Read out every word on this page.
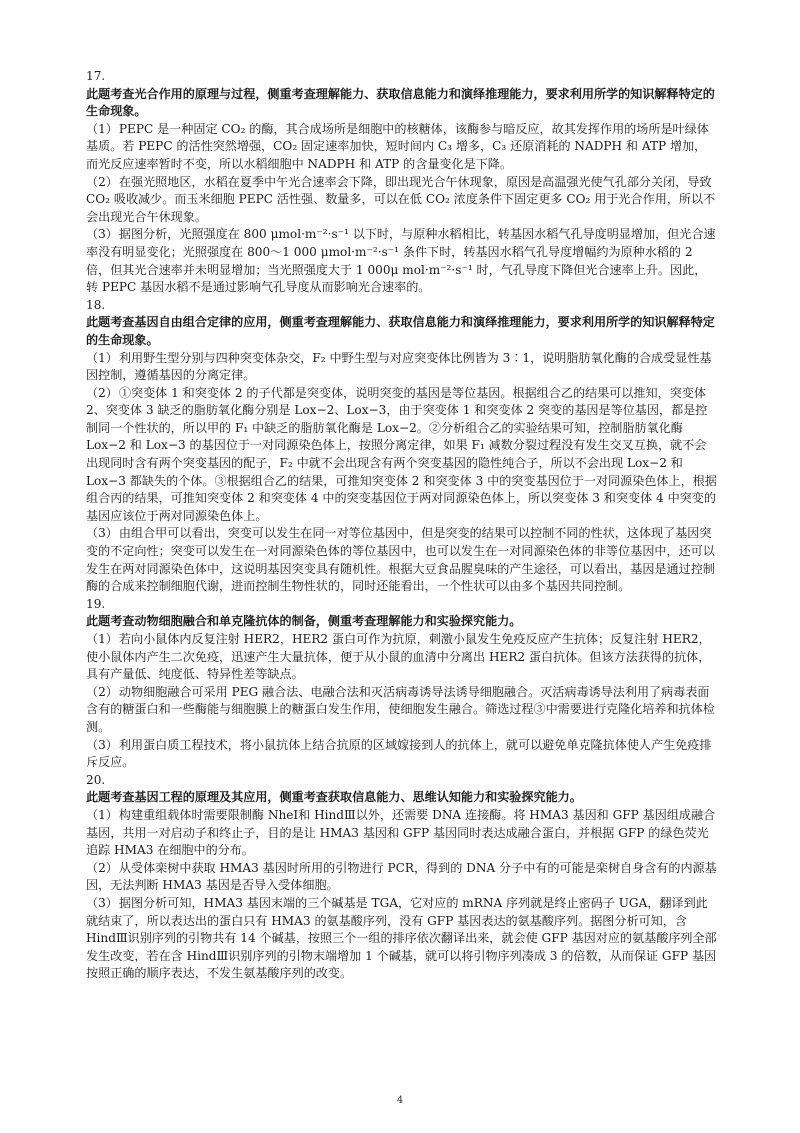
17.

此题考查光合作用的原理与过程，侧重考查理解能力、获取信息能力和演绎推理能力，要求利用所学的知识解释特定的生命现象。

（1）PEPC 是一种固定 CO₂ 的酶，其合成场所是细胞中的核糖体，该酶参与暗反应，故其发挥作用的场所是叶绿体基质。若 PEPC 的活性突然增强，CO₂ 固定速率加快，短时间内 C₃ 增多，C₃ 还原消耗的 NADPH 和 ATP 增加，而光反应速率暂时不变，所以水稻细胞中 NADPH 和 ATP 的含量变化是下降。

（2）在强光照地区，水稻在夏季中午光合速率会下降，即出现光合午休现象，原因是高温强光使气孔部分关闭，导致 CO₂ 吸收减少。而玉米细胞 PEPC 活性强、数量多，可以在低 CO₂ 浓度条件下固定更多 CO₂ 用于光合作用，所以不会出现光合午休现象。

（3）据图分析，光照强度在 800 μmol·m⁻²·s⁻¹ 以下时，与原种水稻相比，转基因水稻气孔导度明显增加，但光合速率没有明显变化；光照强度在 800～1 000 μmol·m⁻²·s⁻¹ 条件下时，转基因水稻气孔导度增幅约为原种水稻的 2 倍，但其光合速率并未明显增加；当光照强度大于 1 000μ mol·m⁻²·s⁻¹ 时，气孔导度下降但光合速率上升。因此，转 PEPC 基因水稻不是通过影响气孔导度从而影响光合速率的。

18.

此题考查基因自由组合定律的应用，侧重考查理解能力、获取信息能力和演绎推理能力，要求利用所学的知识解释特定的生命现象。

（1）利用野生型分别与四种突变体杂交，F₂ 中野生型与对应突变体比例皆为 3∶1，说明脂肪氧化酶的合成受显性基因控制，遵循基因的分离定律。

（2）①突变体 1 和突变体 2 的子代都是突变体，说明突变的基因是等位基因。根据组合乙的结果可以推知，突变体 2、突变体 3 缺乏的脂肪氧化酶分别是 Lox−2、Lox−3，由于突变体 1 和突变体 2 突变的基因是等位基因，都是控制同一个性状的，所以甲的 F₁ 中缺乏的脂肪氧化酶是 Lox−2。②分析组合乙的实验结果可知，控制脂肪氧化酶 Lox−2 和 Lox−3 的基因位于一对同源染色体上，按照分离定律，如果 F₁ 减数分裂过程没有发生交叉互换，就不会出现同时含有两个突变基因的配子，F₂ 中就不会出现含有两个突变基因的隐性纯合子，所以不会出现 Lox−2 和 Lox−3 都缺失的个体。③根据组合乙的结果，可推知突变体 2 和突变体 3 中的突变基因位于一对同源染色体上，根据组合丙的结果，可推知突变体 2 和突变体 4 中的突变基因位于两对同源染色体上，所以突变体 3 和突变体 4 中突变的基因应该位于两对同源染色体上。

（3）由组合甲可以看出，突变可以发生在同一对等位基因中，但是突变的结果可以控制不同的性状，这体现了基因突变的不定向性；突变可以发生在一对同源染色体的等位基因中，也可以发生在一对同源染色体的非等位基因中，还可以发生在两对同源染色体中，这说明基因突变具有随机性。根据大豆食品腥臭味的产生途径，可以看出，基因是通过控制酶的合成来控制细胞代谢，进而控制生物性状的，同时还能看出，一个性状可以由多个基因共同控制。

19.

此题考查动物细胞融合和单克隆抗体的制备，侧重考查理解能力和实验探究能力。

（1）若向小鼠体内反复注射 HER2，HER2 蛋白可作为抗原，刺激小鼠发生免疫反应产生抗体；反复注射 HER2，使小鼠体内产生二次免疫，迅速产生大量抗体，便于从小鼠的血清中分离出 HER2 蛋白抗体。但该方法获得的抗体，具有产量低、纯度低、特异性差等缺点。

（2）动物细胞融合可采用 PEG 融合法、电融合法和灭活病毒诱导法诱导细胞融合。灭活病毒诱导法利用了病毒表面含有的糖蛋白和一些酶能与细胞膜上的糖蛋白发生作用，使细胞发生融合。筛选过程③中需要进行克隆化培养和抗体检测。

（3）利用蛋白质工程技术，将小鼠抗体上结合抗原的区域嫁接到人的抗体上，就可以避免单克隆抗体使人产生免疫排斥反应。

20.

此题考查基因工程的原理及其应用，侧重考查获取信息能力、思维认知能力和实验探究能力。

（1）构建重组载体时需要限制酶 NheⅠ和 HindⅢ以外，还需要 DNA 连接酶。将 HMA3 基因和 GFP 基因组成融合基因，共用一对启动子和终止子，目的是让 HMA3 基因和 GFP 基因同时表达成融合蛋白，并根据 GFP 的绿色荧光追踪 HMA3 在细胞中的分布。

（2）从受体栾树中获取 HMA3 基因时所用的引物进行 PCR，得到的 DNA 分子中有的可能是栾树自身含有的内源基因，无法判断 HMA3 基因是否导入受体细胞。

（3）据图分析可知，HMA3 基因末端的三个碱基是 TGA，它对应的 mRNA 序列就是终止密码子 UGA，翻译到此就结束了，所以表达出的蛋白只有 HMA3 的氨基酸序列，没有 GFP 基因表达的氨基酸序列。据图分析可知，含 HindⅢ识别序列的引物共有 14 个碱基，按照三个一组的排序依次翻译出来，就会使 GFP 基因对应的氨基酸序列全部发生改变，若在含 HindⅢ识别序列的引物末端增加 1 个碱基，就可以将引物序列凑成 3 的倍数，从而保证 GFP 基因按照正确的顺序表达，不发生氨基酸序列的改变。

4
